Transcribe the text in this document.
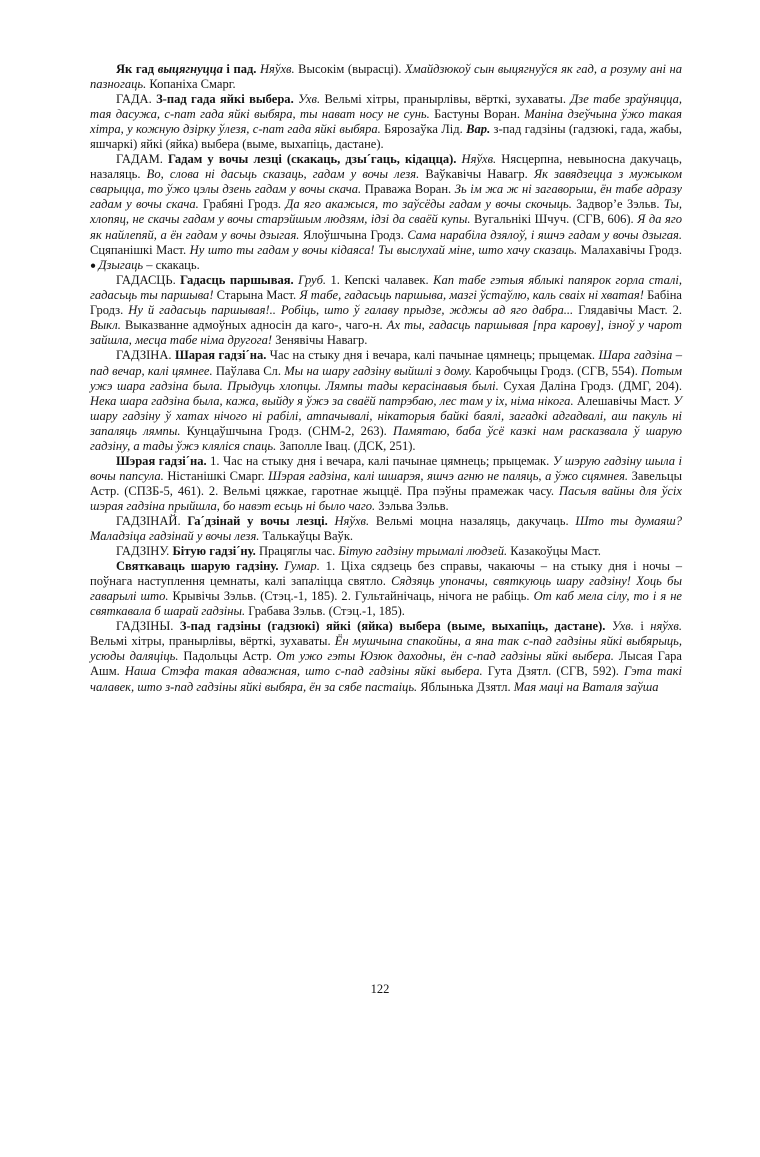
Як гад выцягнуцца і пад. Няўхв. Высокім (вырасці). Хмайдзюкоў сын выцягнуўся як гад, а розуму ані на пазногаць. Копаніха Смарг.

ГАДА. З-пад гада яйкі выбера. Ухв. Вельмі хітры, пранырлівы, вёрткі, зухаваты. Дзе табе зраўняцца, тая дасужа, с-пат гада яйкі выбяра, ты нават носу не сунь. Бастуны Воран. Маніна дзеўчына ўжо такая хітра, у кожную дзірку ўлезя, с-пат гада яйкі выбяра. Бярозаўка Лід. Вар. з-пад гадзіны (гадзюкі, гада, жабы, яшчаркі) яйкі (яйка) выбера (выме, выхапіць, дастане).

ГАДАМ. Гадам у вочы лезці (скакаць, дзы´гаць, кідацца). Няўхв. Нясцерпна, невыносна дакучаць, назаляць. Во, слова ні дасьць сказаць, гадам у вочы лезя. Ваўкавічы Навагр. Як завядзецца з мужыком сварыцца, то ўжо цэлы дзень гадам у вочы скача. Праважа Воран. Зь ім жа ж ні загаворыш, ён табе адразу гадам у вочы скача. Грабяні Гродз. Да яго акажыся, то заўсёды гадам у вочы скочыць. Задвор’е Зэльв. Ты, хлопяц, не скачы гадам у вочы старэйшым людзям, ідзі да сваёй купы. Вугальнікі Шчуч. (СГВ, 606). Я да яго як найлепяй, а ён гадам у вочы дзыгая. Ялоўшчына Гродз. Сама нарабіла дзялоў, і яшчэ гадам у вочы дзыгая. Сцяпанішкі Маст. Ну што ты гадам у вочы кідаяса! Ты выслухай міне, што хачу сказаць. Малахавічы Гродз. ● Дзыгаць – скакаць.

ГАДАСЦЬ. Гадасць паршывая. Груб. 1. Кепскі чалавек. Кап табе гэтыя яблыкі папярок горла сталі, гадасьць ты паршыва! Старына Маст. Я табе, гадасьць паршыва, мазгі ўстаўлю, каль сваіх ні хватая! Бабіна Гродз. Ну й гадасьць паршывая!.. Робіць, што ў галаву прыдзе, жджы ад яго дабра... Глядавічы Маст. 2. Выкл. Выказванне адмоўных адносін да каго-, чаго-н. Ах ты, гадасць паршывая [пра карову], ізноў у чарот зайшла, месца табе німа другога! Зенявічы Навагр.

ГАДЗІНА. Шарая гадзі´на. Час на стыку дня і вечара, калі пачынае цямнець; прыцемак. Шара гадзіна – пад вечар, калі цямнее. Паўлава Сл. Мы на шару гадзіну выйшлі з дому. Каробчыцы Гродз. (СГВ, 554). Потым ужэ шара гадзіна была. Прыдуць хлопцы. Лямпы тады керасінавыя былі. Сухая Даліна Гродз. (ДМГ, 204). Нека шара гадзіна была, кажа, выйду я ўжэ за сваёй патрэбаю, лес там у іх, німа нікога. Алешавічы Маст. У шару гадзіну ў хатах нічого ні рабілі, атпачывалі, нікаторыя байкі баялі, загадкі адгадвалі, аш пакуль ні запаляць лямпы. Кунцаўшчына Гродз. (СНМ-2, 263). Памятаю, баба ўсё казкі нам расказвала ў шарую гадзіну, а тады ўжэ кляліся спаць. Заполле Івац. (ДСК, 251).

Шэрая гадзі´на. 1. Час на стыку дня і вечара, калі пачынае цямнець; прыцемак. У шэрую гадзіну шыла і вочы папсула. Ністанішкі Смарг. Шэрая гадзіна, калі шшарэя, яшчэ агню не паляць, а ўжо сцямнея. Завельцы Астр. (СПЗБ-5, 461). 2. Вельмі цяжкае, гаротнае жыццё. Пра пэўны прамежак часу. Пасьля вайны для ўсіх шэрая гадзіна прыйшла, бо навэт есьць ні было чаго. Зэльва Зэльв.

ГАДЗІНАЙ. Га´дзінай у вочы лезці. Няўхв. Вельмі моцна назаляць, дакучаць. Што ты думаяш? Маладзіца гадзінай у вочы лезя. Талькаўцы Ваўк.

ГАДЗІНУ. Бітую гадзі´ну. Працяглы час. Бітую гадзіну трымалі людзей. Казакоўцы Маст.

Святкаваць шарую гадзіну. Гумар. 1. Ціха сядзець без справы, чакаючы – на стыку дня і ночы – поўнага наступлення цемнаты, калі запаліцца святло. Сядзяць упоначы, святкуюць шару гадзіну! Хоць бы гаварылі што. Крывічы Зэльв. (Стэц.-1, 185). 2. Гультайнічаць, нічога не рабіць. От каб мела сілу, то і я не святкавала б шарай гадзіны. Грабава Зэльв. (Стэц.-1, 185).

ГАДЗІНЫ. З-пад гадзіны (гадзюкі) яйкі (яйка) выбера (выме, выхапіць, дастане). Ухв. і няўхв. Вельмі хітры, пранырлівы, вёрткі, зухаваты. Ён мушчына спакойны, а яна так с-пад гадзіны яйкі выбярыць, усюды даляціць. Падольцы Астр. От ужо гэты Юзюк даходны, ён с-пад гадзіны яйкі выбера. Лысая Гара Ашм. Наша Стэфа такая адважная, што с-пад гадзіны яйкі выбера. Гута Дзятл. (СГВ, 592). Гэта такі чалавек, што з-пад гадзіны яйкі выбяра, ён за сябе пастаіць. Яблынька Дзятл. Мая маці на Ваталя заўша

122
